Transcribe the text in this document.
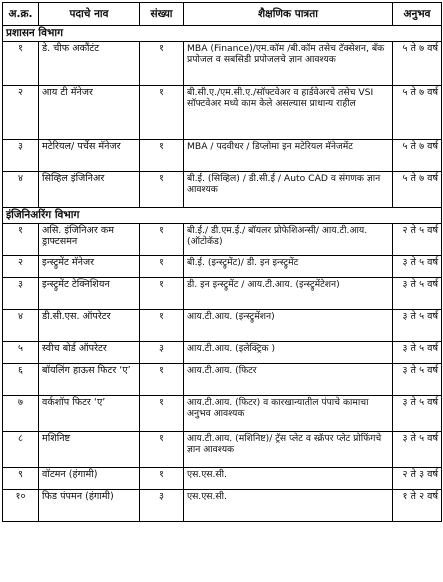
अ.क्र.	पदाचे नाव	संख्या	शैक्षणिक पात्रता	अनुभव
प्रशासन विभाग				
१	डे. चीफ अकौंटंट	१	MBA (Finance)/एम.कॉम /बी.कॉम तसेच टॅक्सेशन, बॅंक प्रपोजल व सबसिडी प्रपोजलचे ज्ञान आवश्यक	५ ते ७ वर्ष
२	आय टी मॅनेजर	१	बी.सी.ए./एम.सी.ए./सॉफ्टवेअर व हार्डवेअरचे तसेच VSI सॉफ्टवेअर मध्ये काम केले असल्यास प्राधान्य राहील	५ ते ७ वर्ष
३	मटेरियल/ पर्चेस मॅनेजर	१	MBA / पदवीधर / डिप्लोमा इन मटेरियल मॅनेजमेंट	५ ते ७ वर्ष
४	सिव्हिल इंजिनिअर	१	बी.ई. (सिव्हिल) / डी.सी.ई / Auto CAD व संगणक ज्ञान आवश्यक	५ ते ७ वर्ष
इंजिनिअरिंग विभाग				
१	असि. इंजिनिअर कम ड्राफ्टसमन	१	बी.ई./ डी.एम.ई./ बॉयलर प्रोफेशिअन्सी/ आय.टी.आय. (ऑटोकॅड)	२ ते ५ वर्ष
२	इन्स्ट्रुमेंट मॅनेजर	१	बी.ई. (इन्स्ट्रुमेंट)/ डी. इन इन्स्ट्रुमेंट	३ ते ५ वर्ष
३	इन्स्ट्रुमेंट टेक्निशियन	१	डी. इन इन्स्ट्रुमेंट / आय.टी.आय. (इन्स्ट्रुमेंटेशन)	३ ते ५ वर्ष
४	डी.सी.एस. ऑपरेटर	१	आय.टी.आय. (इन्स्ट्रुमेंशन)	३ ते ५ वर्ष
५	स्वीच बोर्ड ऑपरेटर	३	आय.टी.आय. (इलेक्ट्रिक )	३ ते ५ वर्ष
६	बॉयलिंग हाऊस फिटर ‘ए’	१	आय.टी.आय. (फिटर	३ ते ५ वर्ष
७	वर्कशॉप फिटर ‘ए’	१	आय.टी.आय. (फिटर) व कारखान्यातील पंपाचे कामाचा अनुभव आवश्यक	३ ते ५ वर्ष
८	मशिनिष्ट	१	आय.टी.आय. (मशिनिष्ट)/ ट्रॅस प्लेट व स्क्रॅपर प्लेट प्रोफिंगचे ज्ञान आवश्यक	३ ते ५ वर्ष
९	वॉटमन (हंगामी)	१	एस.एस.सी.	२ ते ३ वर्ष
१०	फिड पंपमन (हंगामी)	३	एस.एस.सी.	१ ते २ वर्ष
